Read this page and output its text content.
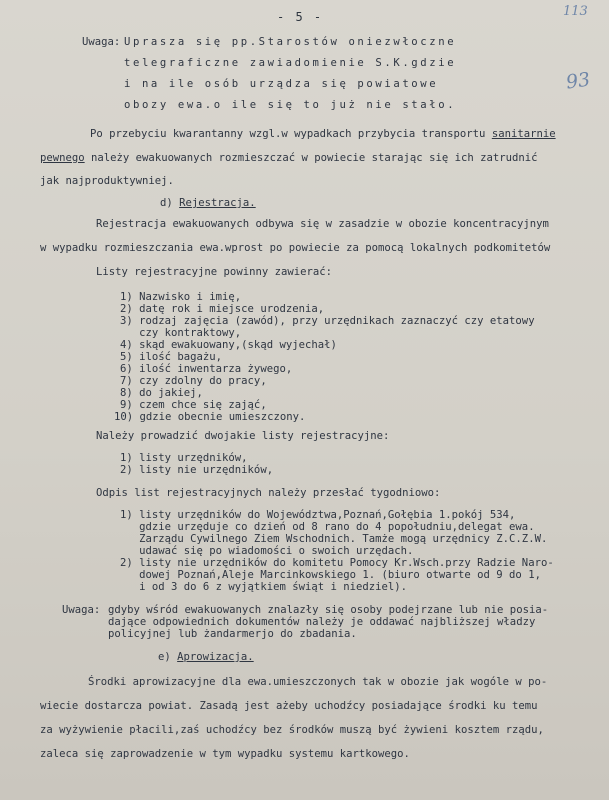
- 5 -	113
93
Uwaga: Uprasza się pp.Starostów oniezwłoczne
telegraficzne zawiadomienie S.K.gdzie
i na ile osób urządza się powiatowe
obozy ewa.o ile się to już nie stało.
Po przebyciu kwarantanny wzgl.w wypadkach przybycia transportu sanitarnie
pewnego należy ewakuowanych rozmieszczać w powiecie starając się ich zatrudnić
jak najproduktywniej.
d) Rejestracja.
Rejestracja ewakuowanych odbywa się w zasadzie w obozie koncentracyjnym
w wypadku rozmieszczania ewa.wprost po powiecie za pomocą lokalnych podkomitetów
Listy rejestracyjne powinny zawierać:
1) Nazwisko i imię,
2) datę rok i miejsce urodzenia,
3) rodzaj zajęcia (zawód), przy urzędnikach zaznaczyć czy etatowy
czy kontraktowy,
4) skąd ewakuowany,(skąd wyjechał)
5) ilość bagażu,
6) ilość inwentarza żywego,
7) czy zdolny do pracy,
8) do jakiej,
9) czem chce się zająć,
10) gdzie obecnie umieszczony.
Należy prowadzić dwojakie listy rejestracyjne:
1) listy urzędników,
2) listy nie urzędników,
Odpis list rejestracyjnych należy przesłać tygodniowo:
1) listy urzędników do Województwa,Poznań,Gołębia 1.pokój 534,
gdzie urzęduje co dzień od 8 rano do 4 popołudniu,delegat ewa.
Zarządu Cywilnego Ziem Wschodnich. Tamże mogą urzędnicy Z.C.Z.W.
udawać się po wiadomości o swoich urzędach.
2) listy nie urzędników do komitetu Pomocy Kr.Wsch.przy Radzie Naro-
dowej Poznań,Aleje Marcinkowskiego 1. (biuro otwarte od 9 do 1,
i od 3 do 6 z wyjątkiem świąt i niedziel).
Uwaga: gdyby wśród ewakuowanych znalazły się osoby podejrzane lub nie posia-
dające odpowiednich dokumentów należy je oddawać najbliższej władzy
policyjnej lub żandarmerjo do zbadania.
e) Aprowizacja.
Środki aprowizacyjne dla ewa.umieszczonych tak w obozie jak wogóle w po-
wiecie dostarcza powiat. Zasadą jest ażeby uchodźcy posiadające środki ku temu
za wyżywienie płacili,zaś uchodźcy bez środków muszą być żywieni kosztem rządu,
zaleca się zaprowadzenie w tym wypadku systemu kartkowego.
